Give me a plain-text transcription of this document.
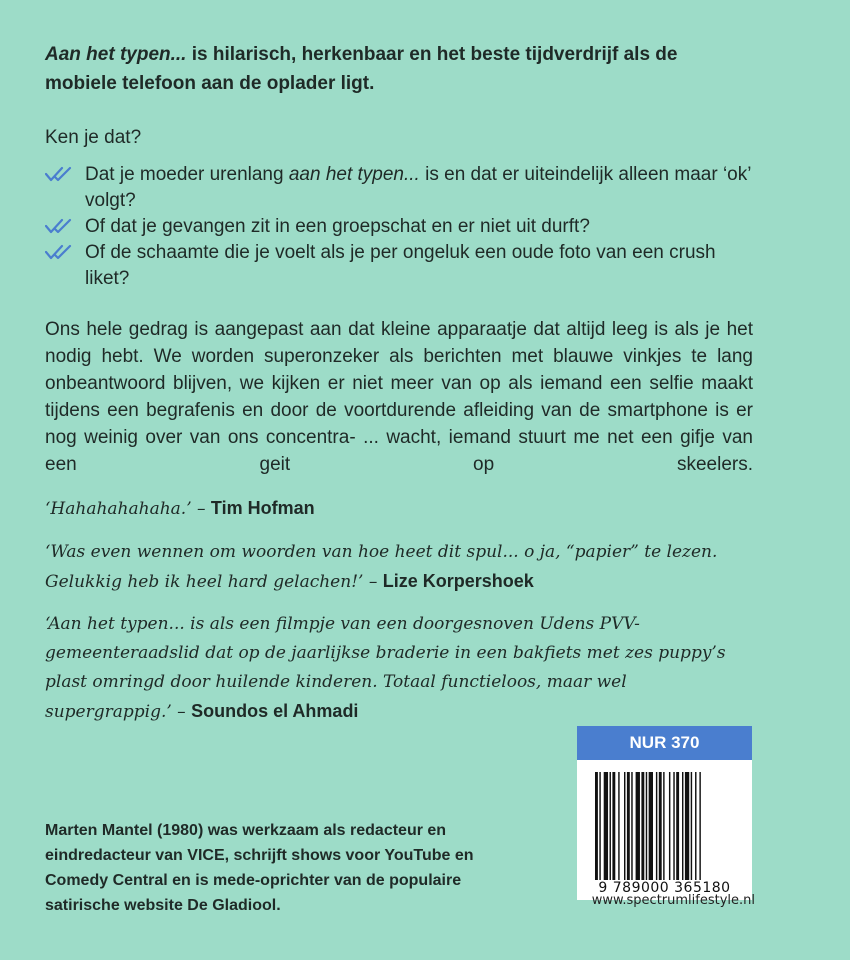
Aan het typen... is hilarisch, herkenbaar en het beste tijdverdrijf als de mobiele telefoon aan de oplader ligt.

Ken je dat?

Dat je moeder urenlang aan het typen... is en dat er uiteindelijk alleen maar ‘ok’ volgt?
Of dat je gevangen zit in een groepschat en er niet uit durft?
Of de schaamte die je voelt als je per ongeluk een oude foto van een crush liket?

Ons hele gedrag is aangepast aan dat kleine apparaatje dat altijd leeg is als je het nodig hebt. We worden superonzeker als berichten met blauwe vinkjes te lang onbeantwoord blijven, we kijken er niet meer van op als iemand een selfie maakt tijdens een begrafenis en door de voortdurende afleiding van de smartphone is er nog weinig over van ons concentra- ... wacht, iemand stuurt me net een gifje van een geit op skeelers.

‘Hahahahahaha.’ – Tim Hofman

‘Was even wennen om woorden van hoe heet dit spul... o ja, “papier” te lezen. Gelukkig heb ik heel hard gelachen!’ – Lize Korpershoek

‘Aan het typen... is als een filmpje van een doorgesnoven Udens PVV-gemeenteraadslid dat op de jaarlijkse braderie in een bakfiets met zes puppy’s plast omringd door huilende kinderen. Totaal functieloos, maar wel supergrappig.’ – Soundos el Ahmadi

Marten Mantel (1980) was werkzaam als redacteur en eindredacteur van VICE, schrijft shows voor YouTube en Comedy Central en is mede-oprichter van de populaire satirische website De Gladiool.

NUR 370
9 789000 365180
www.spectrumlifestyle.nl
